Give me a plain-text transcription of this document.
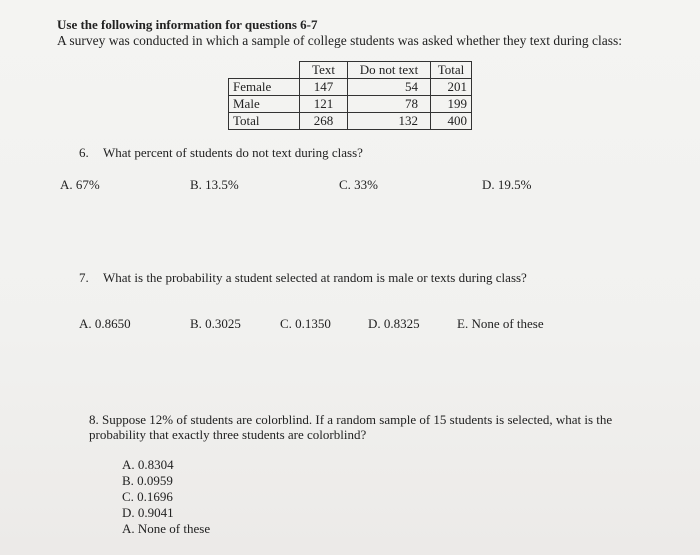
Use the following information for questions 6-7
A survey was conducted in which a sample of college students was asked whether they text during class:
	Text	Do not text	Total
Female	147	54	201
Male	121	78	199
Total	268	132	400
6. What percent of students do not text during class?
A. 67%	B. 13.5%	C. 33%	D. 19.5%
7. What is the probability a student selected at random is male or texts during class?
A. 0.8650	B. 0.3025	C. 0.1350	D. 0.8325	E. None of these
8. Suppose 12% of students are colorblind. If a random sample of 15 students is selected, what is the
probability that exactly three students are colorblind?
A. 0.8304
B. 0.0959
C. 0.1696
D. 0.9041
A. None of these
